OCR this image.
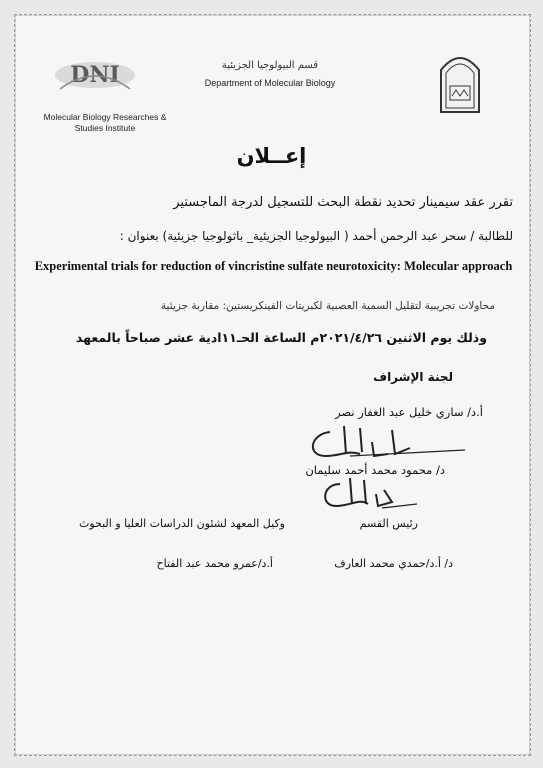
DNI
Molecular Biology Researches & Studies Institute
قسم البيولوجيا الجزيئية
Department of Molecular Biology
إعــلان
تقرر عقد سيمينار تحديد نقطة البحث للتسجيل لدرجة الماجستير
للطالبة / سحر عبد الرحمن أحمد ( البيولوجيا الجزيئية_ باثولوجيا جزيئية) بعنوان :
Experimental trials for reduction of vincristine sulfate neurotoxicity: Molecular approach
محاولات تجريبية لتقليل السمية العصبية لكبريتات الفينكريستين: مقاربة جزيئية
وذلك يوم الاثنين ٢٠٢١/٤/٢٦م الساعة الحـ١١ادية عشر صباحاً بالمعهد
لجنة الإشراف
أ.د/ ساري خليل عبد الغفار نصر
د/ محمود محمد أحمد سليمان
رئيس القسم
وكيل المعهد لشئون الدراسات العليا و البحوث
د/ أ.د/حمدي محمد العارف
أ.د/عمرو محمد عبد الفتاح
